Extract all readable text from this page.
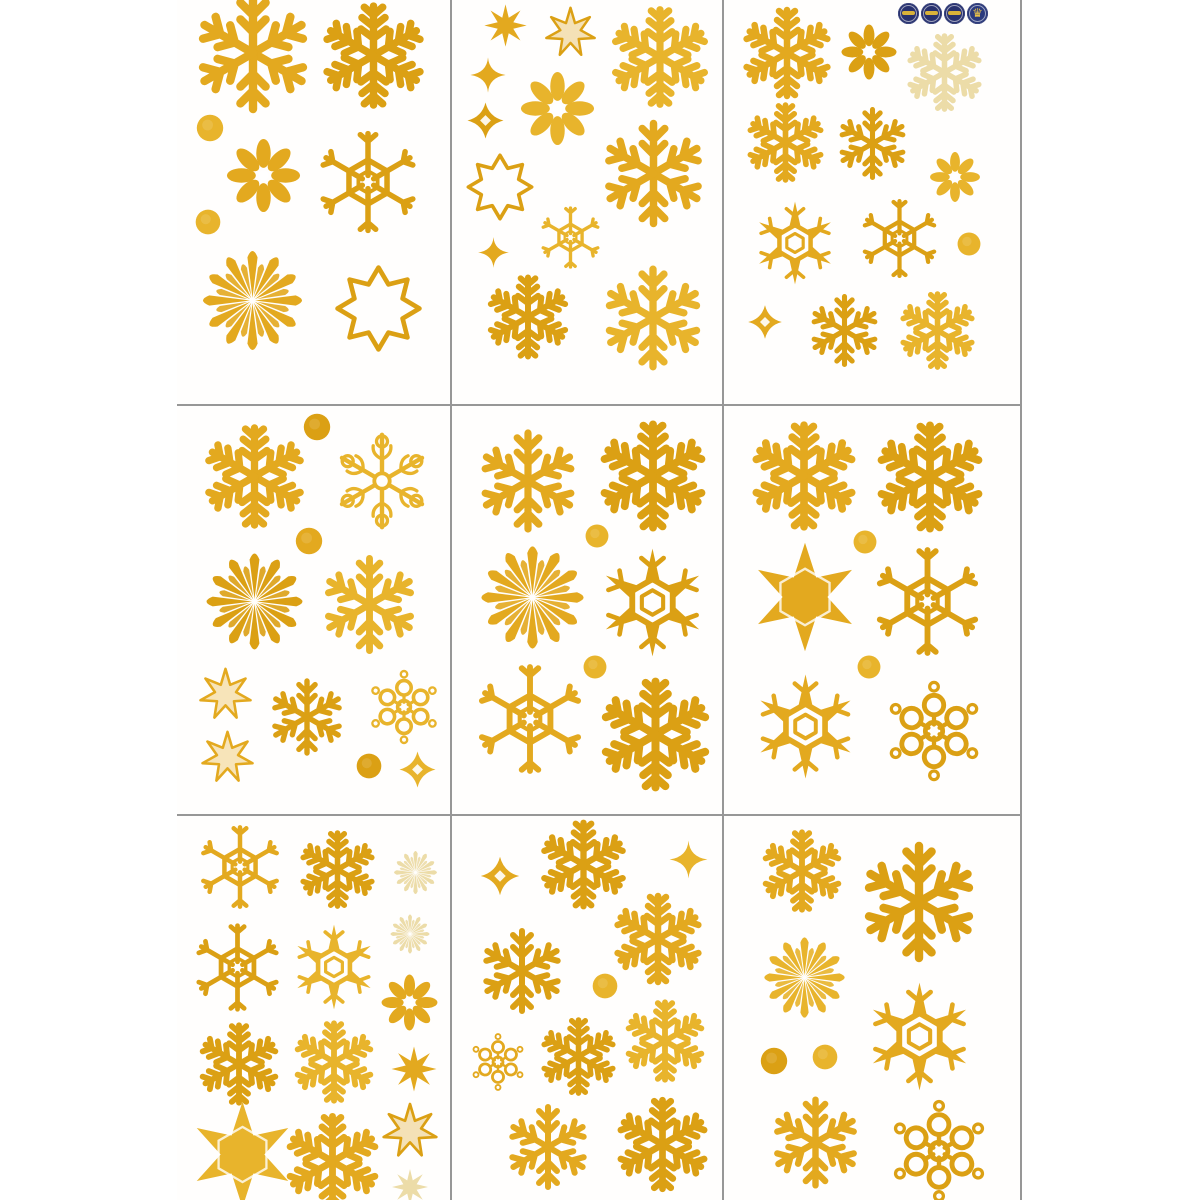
♛
